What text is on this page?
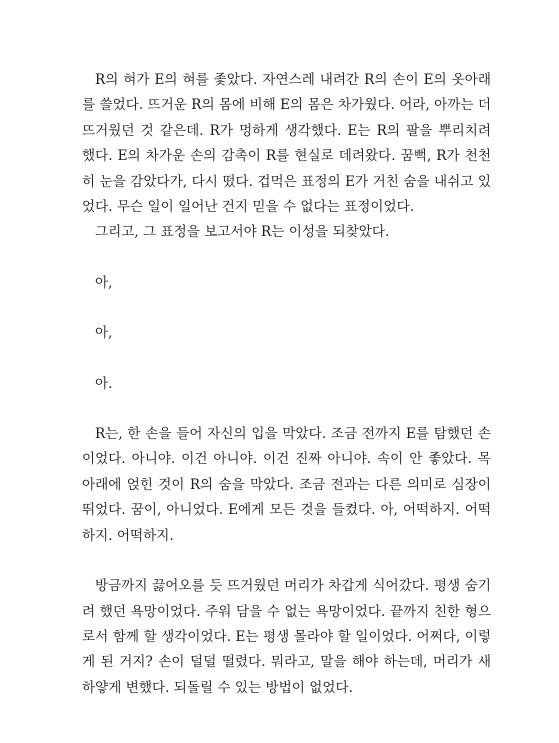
R의 혀가 E의 혀를 좇았다. 자연스레 내려간 R의 손이 E의 옷아래를 쓸었다. 뜨거운 R의 몸에 비해 E의 몸은 차가웠다. 어라, 아까는 더 뜨거웠던 것 같은데. R가 멍하게 생각했다. E는 R의 팔을 뿌리치려 했다. E의 차가운 손의 감촉이 R를 현실로 데려왔다. 꿈뻑, R가 천천히 눈을 감았다가, 다시 떴다. 겁먹은 표정의 E가 거친 숨을 내쉬고 있었다. 무슨 일이 일어난 건지 믿을 수 없다는 표정이었다.

그리고, 그 표정을 보고서야 R는 이성을 되찾았다.

아,

아,

아.

R는, 한 손을 들어 자신의 입을 막았다. 조금 전까지 E를 탐했던 손이었다. 아니야. 이건 아니야. 이건 진짜 아니야. 속이 안 좋았다. 목 아래에 얹힌 것이 R의 숨을 막았다. 조금 전과는 다른 의미로 심장이 뛰었다. 꿈이, 아니었다. E에게 모든 것을 들켰다. 아, 어떡하지. 어떡하지. 어떡하지.

방금까지 끓어오를 듯 뜨거웠던 머리가 차갑게 식어갔다. 평생 숨기려 했던 욕망이었다. 주워 담을 수 없는 욕망이었다. 끝까지 친한 형으로서 함께 할 생각이었다. E는 평생 몰라야 할 일이었다. 어쩌다, 이렇게 된 거지? 손이 덜덜 떨렸다. 뭐라고, 말을 해야 하는데, 머리가 새하얗게 변했다. 되돌릴 수 있는 방법이 없었다.
